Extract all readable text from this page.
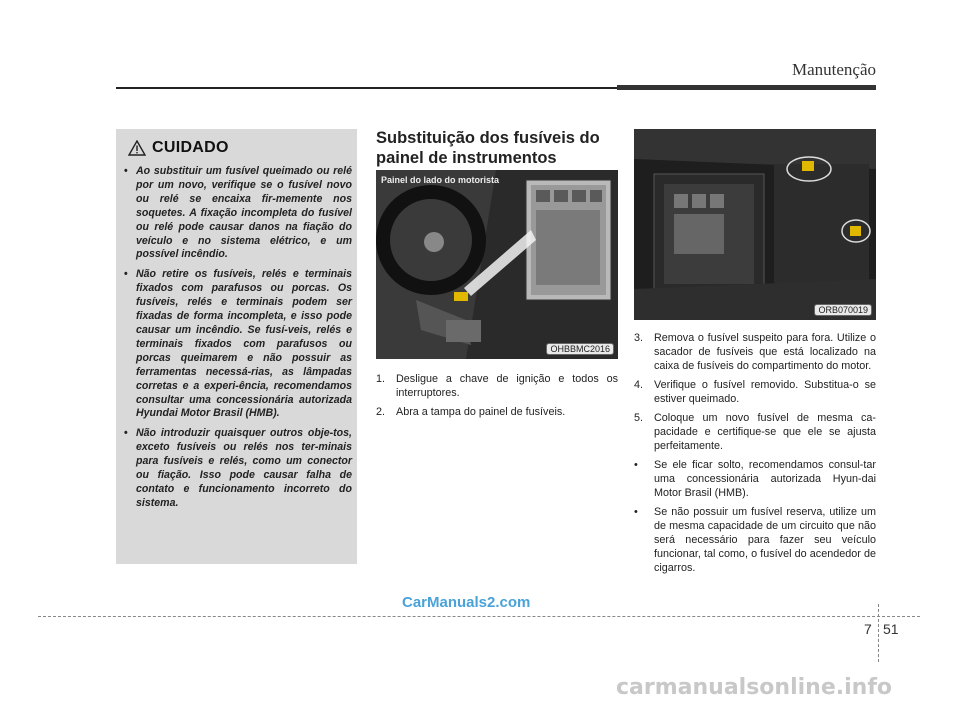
Manutenção
CUIDADO
• Ao substituir um fusível queimado ou relé por um novo, verifique se o fusível novo ou relé se encaixa fir-memente nos soquetes. A fixação incompleta do fusível ou relé pode causar danos na fiação do veículo e no sistema elétrico, e um possível incêndio.
• Não retire os fusíveis, relés e terminais fixados com parafusos ou porcas. Os fusíveis, relés e terminais podem ser fixadas de forma incompleta, e isso pode causar um incêndio. Se fusí-veis, relés e terminais fixados com parafusos ou porcas queimarem e não possuir as ferramentas necessá-rias, as lâmpadas corretas e a experi-ência, recomendamos consultar uma concessionária autorizada Hyundai Motor Brasil (HMB).
• Não introduzir quaisquer outros obje-tos, exceto fusíveis ou relés nos ter-minais para fusíveis e relés, como um conector ou fiação. Isso pode causar falha de contato e funcionamento incorreto do sistema.
Substituição dos fusíveis do painel de instrumentos
Painel do lado do motorista
OHBBMC2016
1. Desligue a chave de ignição e todos os interruptores.
2. Abra a tampa do painel de fusíveis.
ORB070019
3. Remova o fusível suspeito para fora. Utilize o sacador de fusíveis que está localizado na caixa de fusíveis do compartimento do motor.
4. Verifique o fusível removido. Substitua-o se estiver queimado.
5. Coloque um novo fusível de mesma ca-pacidade e certifique-se que ele se ajusta perfeitamente.
• Se ele ficar solto, recomendamos consul-tar uma concessionária autorizada Hyun-dai Motor Brasil (HMB).
• Se não possuir um fusível reserva, utilize um de mesma capacidade de um circuito que não será necessário para fazer seu veículo funcionar, tal como, o fusível do acendedor de cigarros.
CarManuals2.com
7 51
carmanualsonline.info
